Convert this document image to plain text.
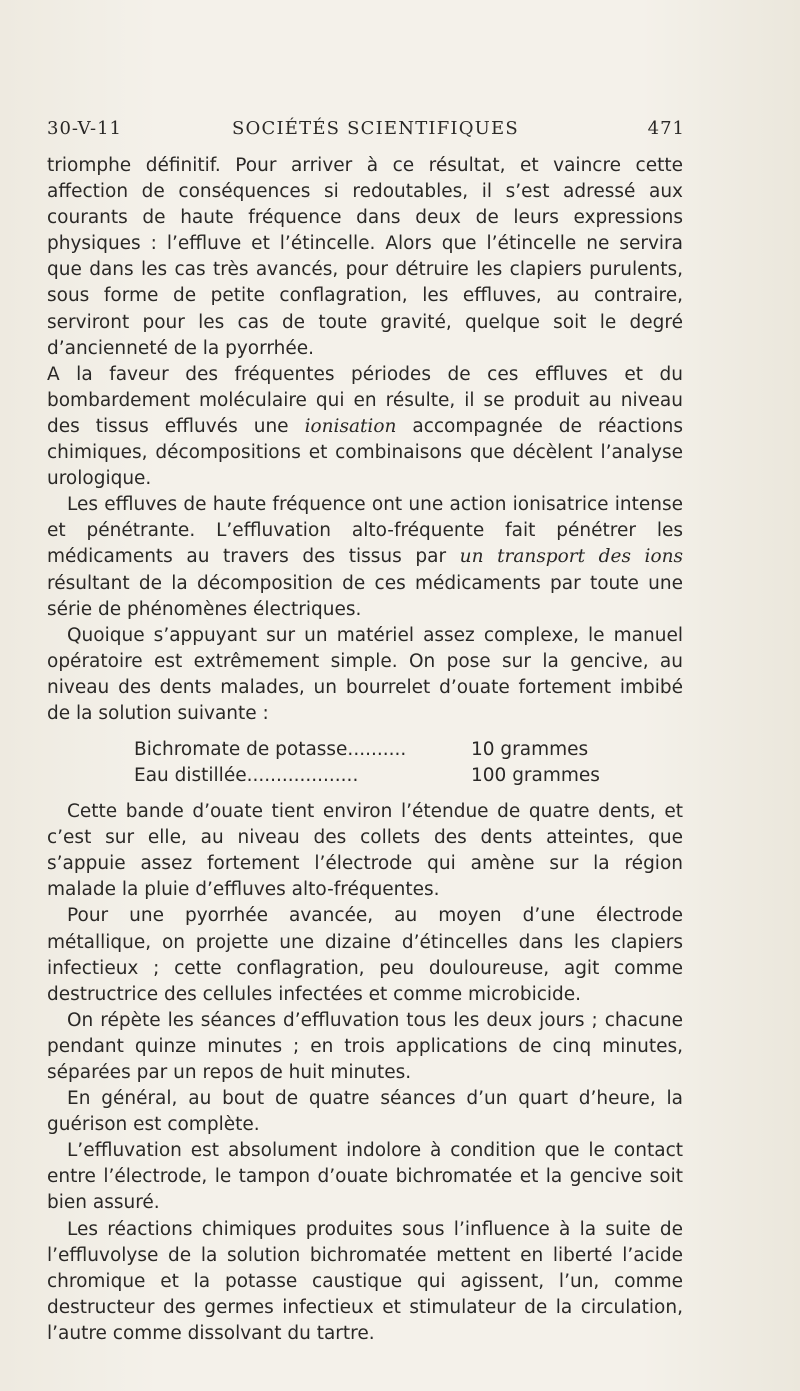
30-V-11	SOCIÉTÉS SCIENTIFIQUES	471

triomphe définitif. Pour arriver à ce résultat, et vaincre cette affection de conséquences si redoutables, il s’est adressé aux courants de haute fréquence dans deux de leurs expressions physiques : l’effluve et l’étincelle. Alors que l’étincelle ne servira que dans les cas très avancés, pour détruire les clapiers purulents, sous forme de petite conflagration, les effluves, au contraire, serviront pour les cas de toute gravité, quelque soit le degré d’ancienneté de la pyorrhée.

A la faveur des fréquentes périodes de ces effluves et du bombardement moléculaire qui en résulte, il se produit au niveau des tissus effluvés une ionisation accompagnée de réactions chimiques, décompositions et combinaisons que décèlent l’analyse urologique.

Les effluves de haute fréquence ont une action ionisatrice intense et pénétrante. L’effluvation alto-fréquente fait pénétrer les médicaments au travers des tissus par un transport des ions résultant de la décomposition de ces médicaments par toute une série de phénomènes électriques.

Quoique s’appuyant sur un matériel assez complexe, le manuel opératoire est extrêmement simple. On pose sur la gencive, au niveau des dents malades, un bourrelet d’ouate fortement imbibé de la solution suivante :

Bichromate de potasse..........	10 grammes
Eau distillée...................	100 grammes

Cette bande d’ouate tient environ l’étendue de quatre dents, et c’est sur elle, au niveau des collets des dents atteintes, que s’appuie assez fortement l’électrode qui amène sur la région malade la pluie d’effluves alto-fréquentes.

Pour une pyorrhée avancée, au moyen d’une électrode métallique, on projette une dizaine d’étincelles dans les clapiers infectieux ; cette conflagration, peu douloureuse, agit comme destructrice des cellules infectées et comme microbicide.

On répète les séances d’effluvation tous les deux jours ; chacune pendant quinze minutes ; en trois applications de cinq minutes, séparées par un repos de huit minutes.

En général, au bout de quatre séances d’un quart d’heure, la guérison est complète.

L’effluvation est absolument indolore à condition que le contact entre l’électrode, le tampon d’ouate bichromatée et la gencive soit bien assuré.

Les réactions chimiques produites sous l’influence à la suite de l’effluvolyse de la solution bichromatée mettent en liberté l’acide chromique et la potasse caustique qui agissent, l’un, comme destructeur des germes infectieux et stimulateur de la circulation, l’autre comme dissolvant du tartre.
